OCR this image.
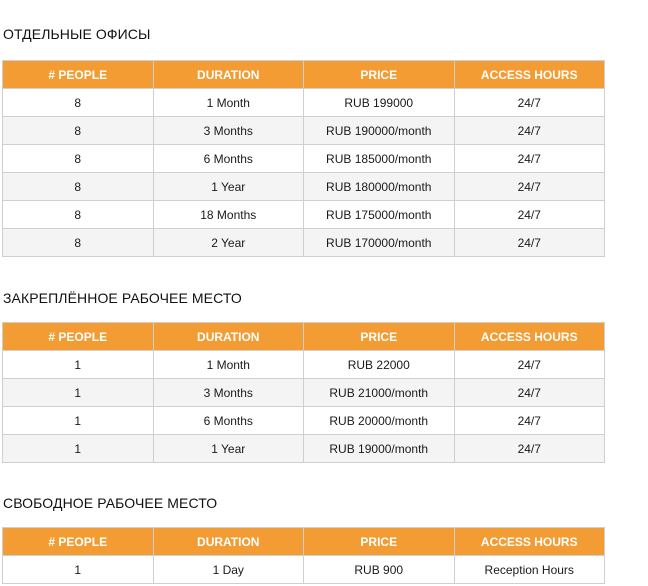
ОТДЕЛЬНЫЕ ОФИСЫ
# PEOPLE	DURATION	PRICE	ACCESS HOURS
8	1 Month	RUB 199000	24/7
8	3 Months	RUB 190000/month	24/7
8	6 Months	RUB 185000/month	24/7
8	1 Year	RUB 180000/month	24/7
8	18 Months	RUB 175000/month	24/7
8	2 Year	RUB 170000/month	24/7
ЗАКРЕПЛЁННОЕ РАБОЧЕЕ МЕСТО
# PEOPLE	DURATION	PRICE	ACCESS HOURS
1	1 Month	RUB 22000	24/7
1	3 Months	RUB 21000/month	24/7
1	6 Months	RUB 20000/month	24/7
1	1 Year	RUB 19000/month	24/7
СВОБОДНОЕ РАБОЧЕЕ МЕСТО
# PEOPLE	DURATION	PRICE	ACCESS HOURS
1	1 Day	RUB 900	Reception Hours
